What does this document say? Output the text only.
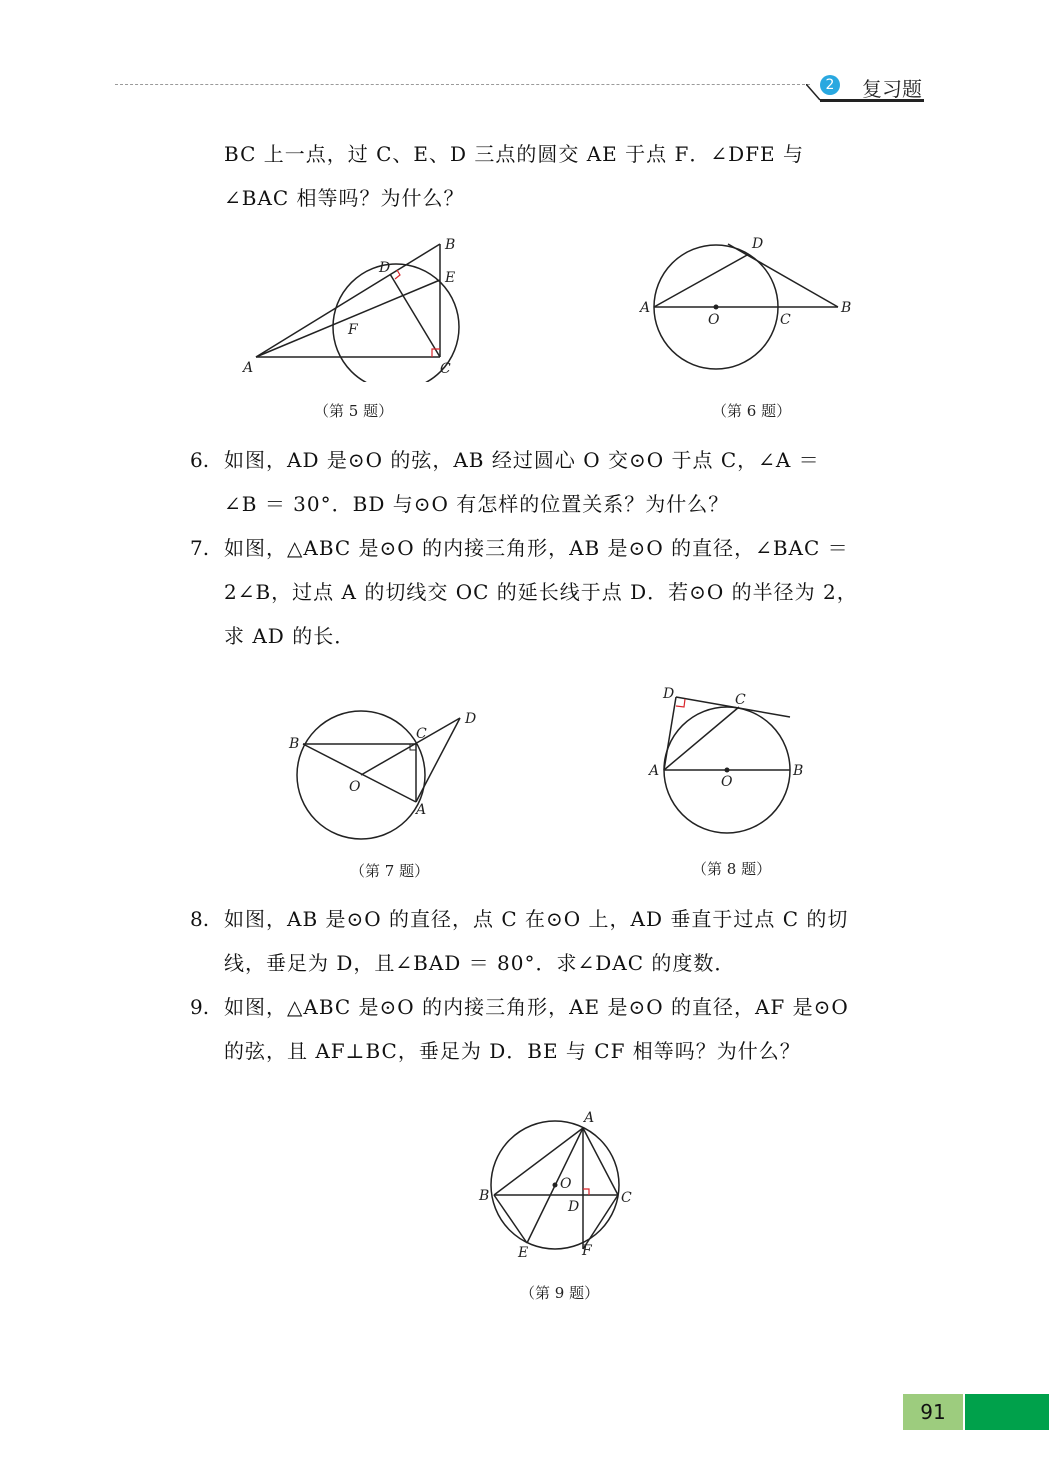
2 复习题
BC 上一点，过 C、E、D 三点的圆交 AE 于点 F．∠DFE 与
∠BAC 相等吗？为什么？
B
D
E
F
A	C
（第 5 题）
D
A
O	C
B
（第 6 题）
6. 如图，AD 是⊙O 的弦，AB 经过圆心 O 交⊙O 于点 C，∠A ＝
∠B ＝ 30°．BD 与⊙O 有怎样的位置关系？为什么？
7. 如图，△ABC 是⊙O 的内接三角形，AB 是⊙O 的直径，∠BAC ＝
2∠B，过点 A 的切线交 OC 的延长线于点 D．若⊙O 的半径为 2，
求 AD 的长．
D
B
C
O
A
（第 7 题）
D	C
A
O
B
（第 8 题）
8. 如图，AB 是⊙O 的直径，点 C 在⊙O 上，AD 垂直于过点 C 的切
线，垂足为 D，且∠BAD ＝ 80°．求∠DAC 的度数．
9. 如图，△ABC 是⊙O 的内接三角形，AE 是⊙O 的直径，AF 是⊙O
的弦，且 AF⊥BC，垂足为 D．BE 与 CF 相等吗？为什么？
A
O
B	C
D
E	F
（第 9 题）
91
